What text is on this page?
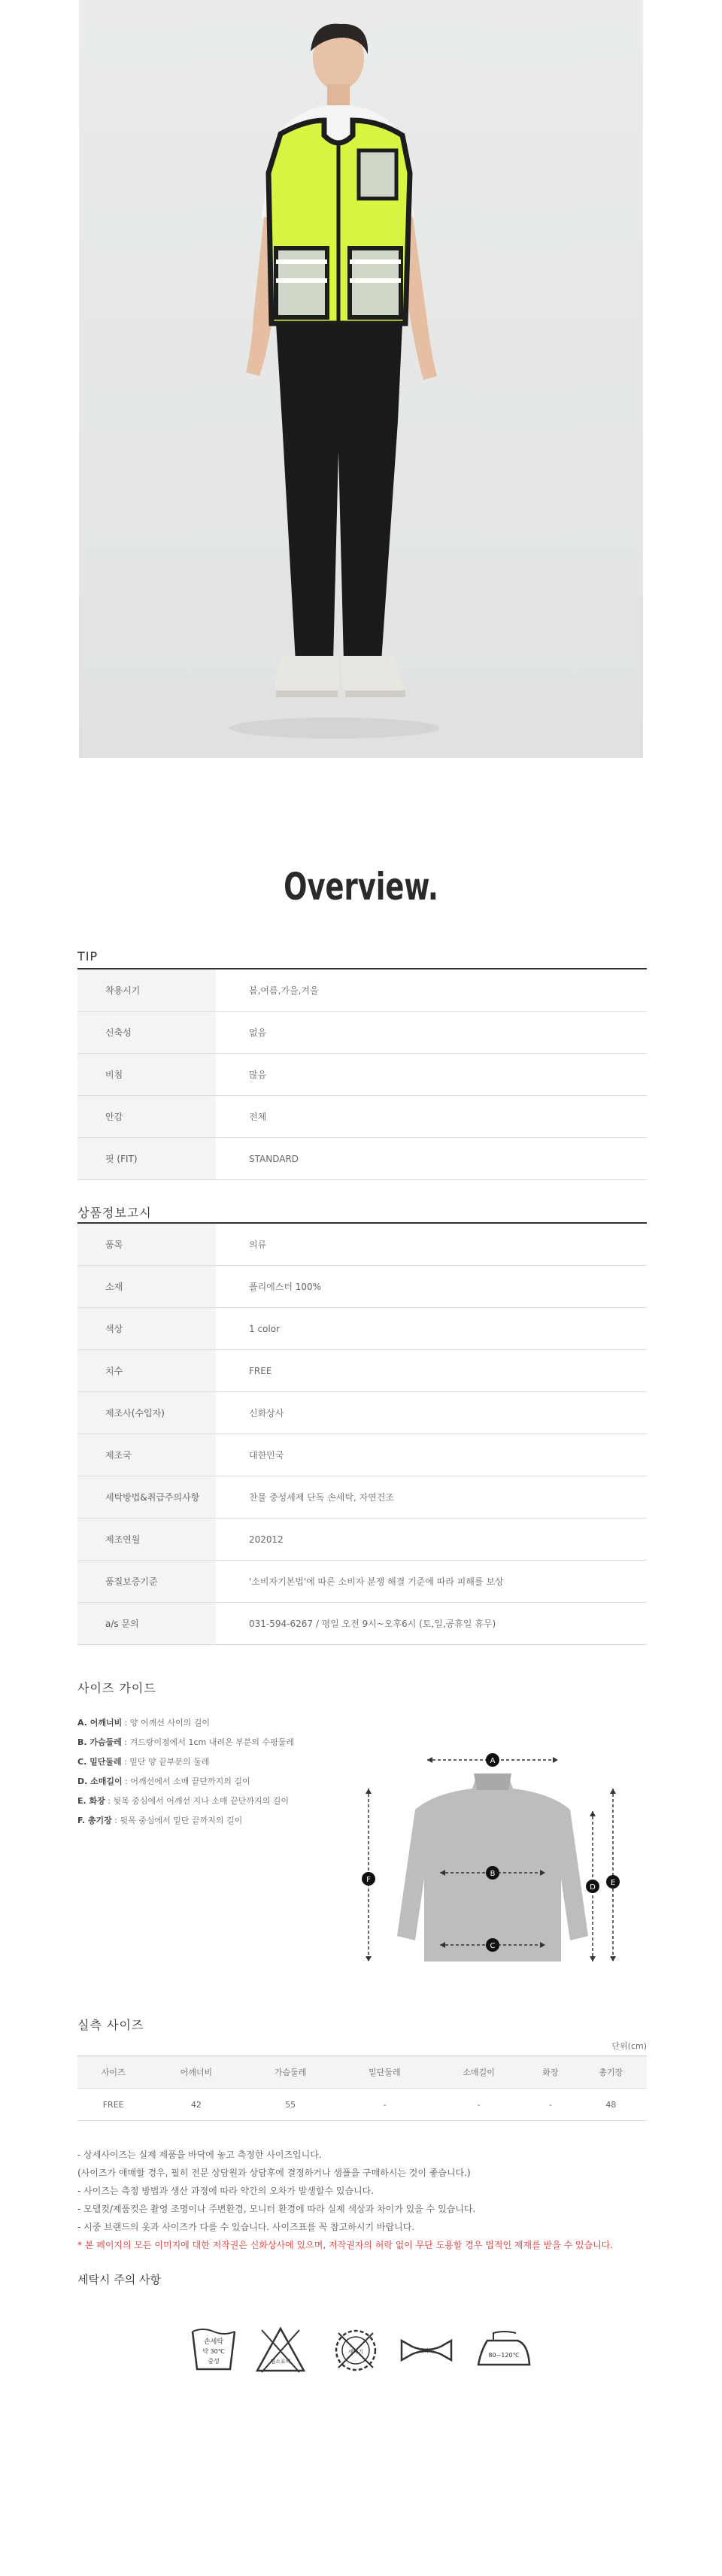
Overview.
TIP
착용시기	봄,여름,가을,겨울
신축성	없음
비침	많음
안감	전체
핏 (FIT)	STANDARD
상품정보고시
품목	의류
소재	폴리에스터 100%
색상	1 color
치수	FREE
제조사(수입자)	신화상사
제조국	대한민국
세탁방법&취급주의사항	찬물 중성세제 단독 손세탁, 자연건조
제조연월	202012
품질보증기준	'소비자기본법'에 따른 소비자 분쟁 해결 기준에 따라 피해를 보상
a/s 문의	031-594-6267 / 평일 오전 9시~오후6시 (토,일,공휴일 휴무)
사이즈 가이드
A. 어깨너비 : 양 어깨선 사이의 길이
B. 가슴둘레 : 겨드랑이점에서 1cm 내려온 부분의 수평둘레
C. 밑단둘레 : 밑단 양 끝부분의 둘레
D. 소매길이 : 어깨선에서 소매 끝단까지의 길이
E. 화장 : 뒷목 중심에서 어깨선 지나 소매 끝단까지의 길이
F. 총기장 : 뒷목 중심에서 밑단 끝까지의 길이
A
B
C
D
E
F
실측 사이즈
단위(cm)
사이즈	어깨너비	가슴둘레	밑단둘레	소매길이	화장	총기장
FREE	42	55	-	-	-	48
- 상세사이즈는 실제 제품을 바닥에 놓고 측정한 사이즈입니다.
(사이즈가 애매할 경우, 필히 전문 상담원과 상담후에 결정하거나 샘플을 구매하시는 것이 좋습니다.)
- 사이즈는 측정 방법과 생산 과정에 따라 약간의 오차가 발생할수 있습니다.
- 모델컷/제품컷은 촬영 조명이나 주변환경, 모니터 환경에 따라 실제 색상과 차이가 있을 수 있습니다.
- 시중 브랜드의 옷과 사이즈가 다를 수 있습니다. 사이즈표를 꼭 참고하시기 바랍니다.
* 본 페이지의 모든 이미지에 대한 저작권은 신화상사에 있으며, 저작권자의 허락 없이 무단 도용할 경우 법적인 제재를 받을 수 있습니다.
세탁시 주의 사항
손세탁
약 30℃
중성	염소표백
세탁기	약하게
80~120℃
